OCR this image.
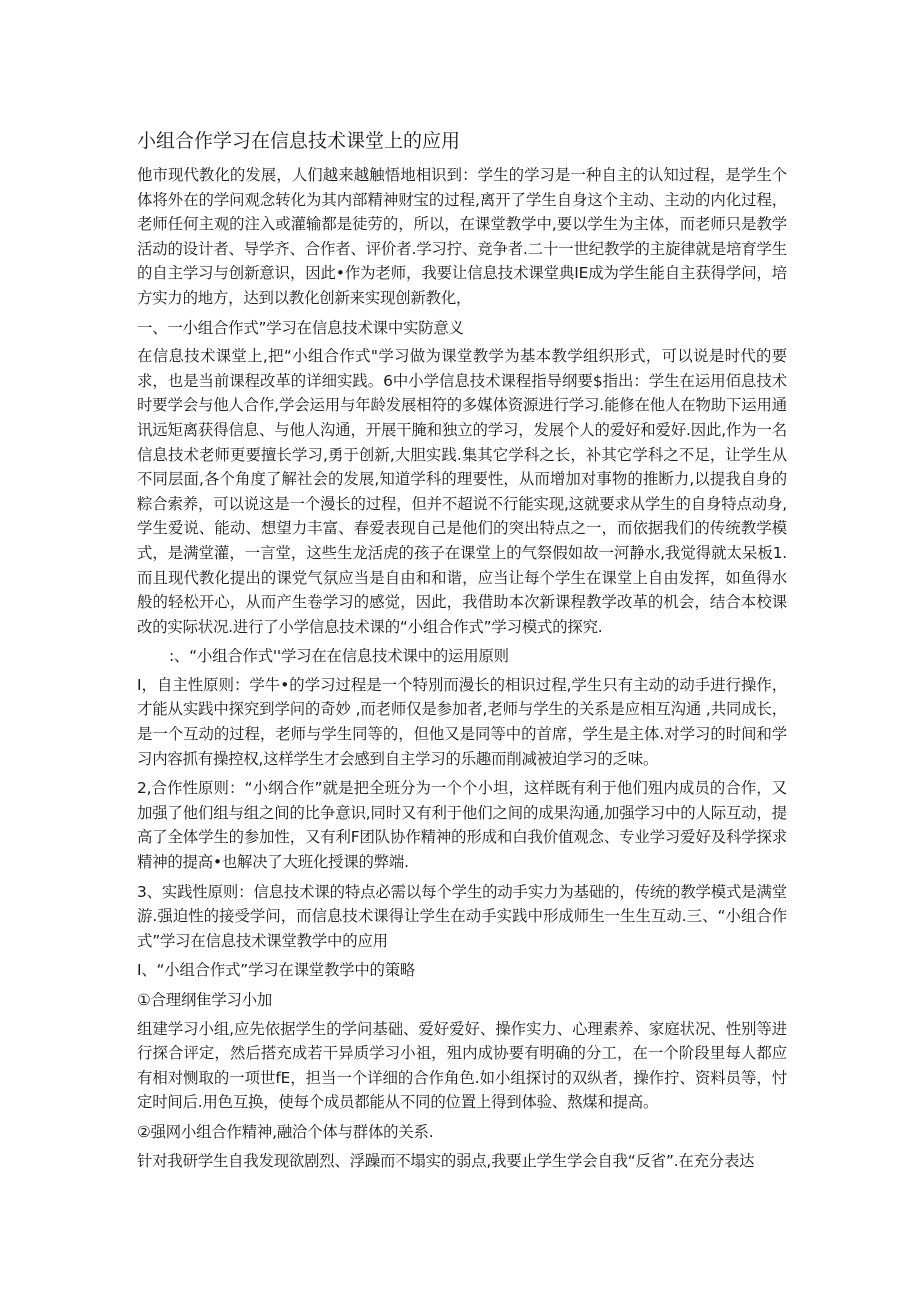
小组合作学习在信息技术课堂上的应用

他市现代教化的发展，人们越来越触悟地相识到：学生的学习是一种自主的认知过程，是学生个体将外在的学问观念转化为其内部精神财宝的过程,离开了学生自身这个主动、主动的内化过程，老师任何主观的注入或灌输都是徒劳的，所以，在课堂教学中,要以学生为主体，而老师只是教学活动的设计者、导学齐、合作者、评价者.学习拧、竞争者.二十一世纪教学的主旋律就是培育学生的自主学习与创新意识，因此•作为老师，我要让信息技术课堂典IE成为学生能自主获得学问，培方实力的地方，达到以教化创新来实现创新教化，

一、一小组合作式”学习在信息技术课中实防意义

在信息技术课堂上,把“小组合作式"学习做为课堂教学为基本教学组织形式，可以说是时代的要求，也是当前课程改革的详细实践。6中小学信息技术课程指导纲要$指出：学生在运用佰息技术时要学会与他人合作,学会运用与年龄发展相符的多媒体资源进行学习.能修在他人在物助下运用通讯远矩离获得信息、与他人沟通，开展干腌和独立的学习，发展个人的爱好和爱好.因此,作为一名信息技术老师更要擅长学习,勇于创新,大胆实践.集其它学科之长，补其它学科之不足，让学生从不同层面,各个角度了解社会的发展,知道学科的理要性，从而增加对事物的推断力,以提我自身的粽合索养，可以说这是一个漫长的过程，但并不超说不行能实现,这就要求从学生的自身特点动身,学生爱说、能动、想望力丰富、春爱表现自己是他们的突出特点之一，而依据我们的传统教学模式，是满堂灌，一言堂，这些生龙活虎的孩子在课堂上的气祭假如故一河静水,我觉得就太呆板1.而且现代教化提出的课党气氛应当是自由和和谐，应当让每个学生在课堂上自由发挥，如鱼得水般的轻松开心，从而产生卷学习的感觉，因此，我借助本次新课程教学改革的机会，结合本校课改的实际状况.进行了小学信息技术课的“小组合作式”学习模式的探究.

:、“小组合作式''学习在在信息技术课中的运用原则

I，自主性原则：学牛•的学习过程是一个特別而漫长的相识过程,学生只有主动的动手进行操作，才能从实践中探究到学问的奇妙 ,而老师仅是参加者,老师与学生的关系是应相互沟通 ,共同成长，是一个互动的过程，老师与学生同等的，但他又是同等中的首席，学生是主体.对学习的时间和学习内容抓有操控权,这样学生才会感到自主学习的乐趣而削减被迫学习的乏味。

2,合作性原则：“小纲合作”就是把全班分为一个个小坦，这样既有利于他们殂内成员的合作，又加强了他们组与组之间的比争意识,同时又有利于他们之间的成果沟通,加强学习中的人际互动，提高了全体学生的参加性，又有利F团队协作精神的形成和白我价值观念、专业学习爱好及科学探求精神的提高•也解决了大班化授课的弊端.

3、实践性原则：信息技术课的特点必需以每个学生的动手实力为基础的，传统的教学模式是满堂游.强迫性的接受学问，而信息技术课得让学生在动手实践中形成师生一生生互动.三、“小组合作式”学习在信息技术课堂教学中的应用

I、“小组合作式”学习在课堂教学中的策略

①合理纲隹学习小加

组建学习小组,应先依据学生的学问基础、爱好爱好、操作实力、心理素养、家庭状况、性别等进行探合评定，然后搭充成若干异质学习小祖，殂内成协要有明确的分工，在一个阶段里每人都应有相对恻取的一项世fE，担当一个详细的合作角色.如小组探讨的双纵者，操作拧、资料员等，忖定时间后.用色互换，使每个成员都能从不同的位置上得到体验、熬煤和提高。

②强网小组合作精神,融洽个体与群体的关系.

针对我研学生自我发现欲剧烈、浮躁而不塌实的弱点,我要止学生学会自我“反省”.在充分表达
